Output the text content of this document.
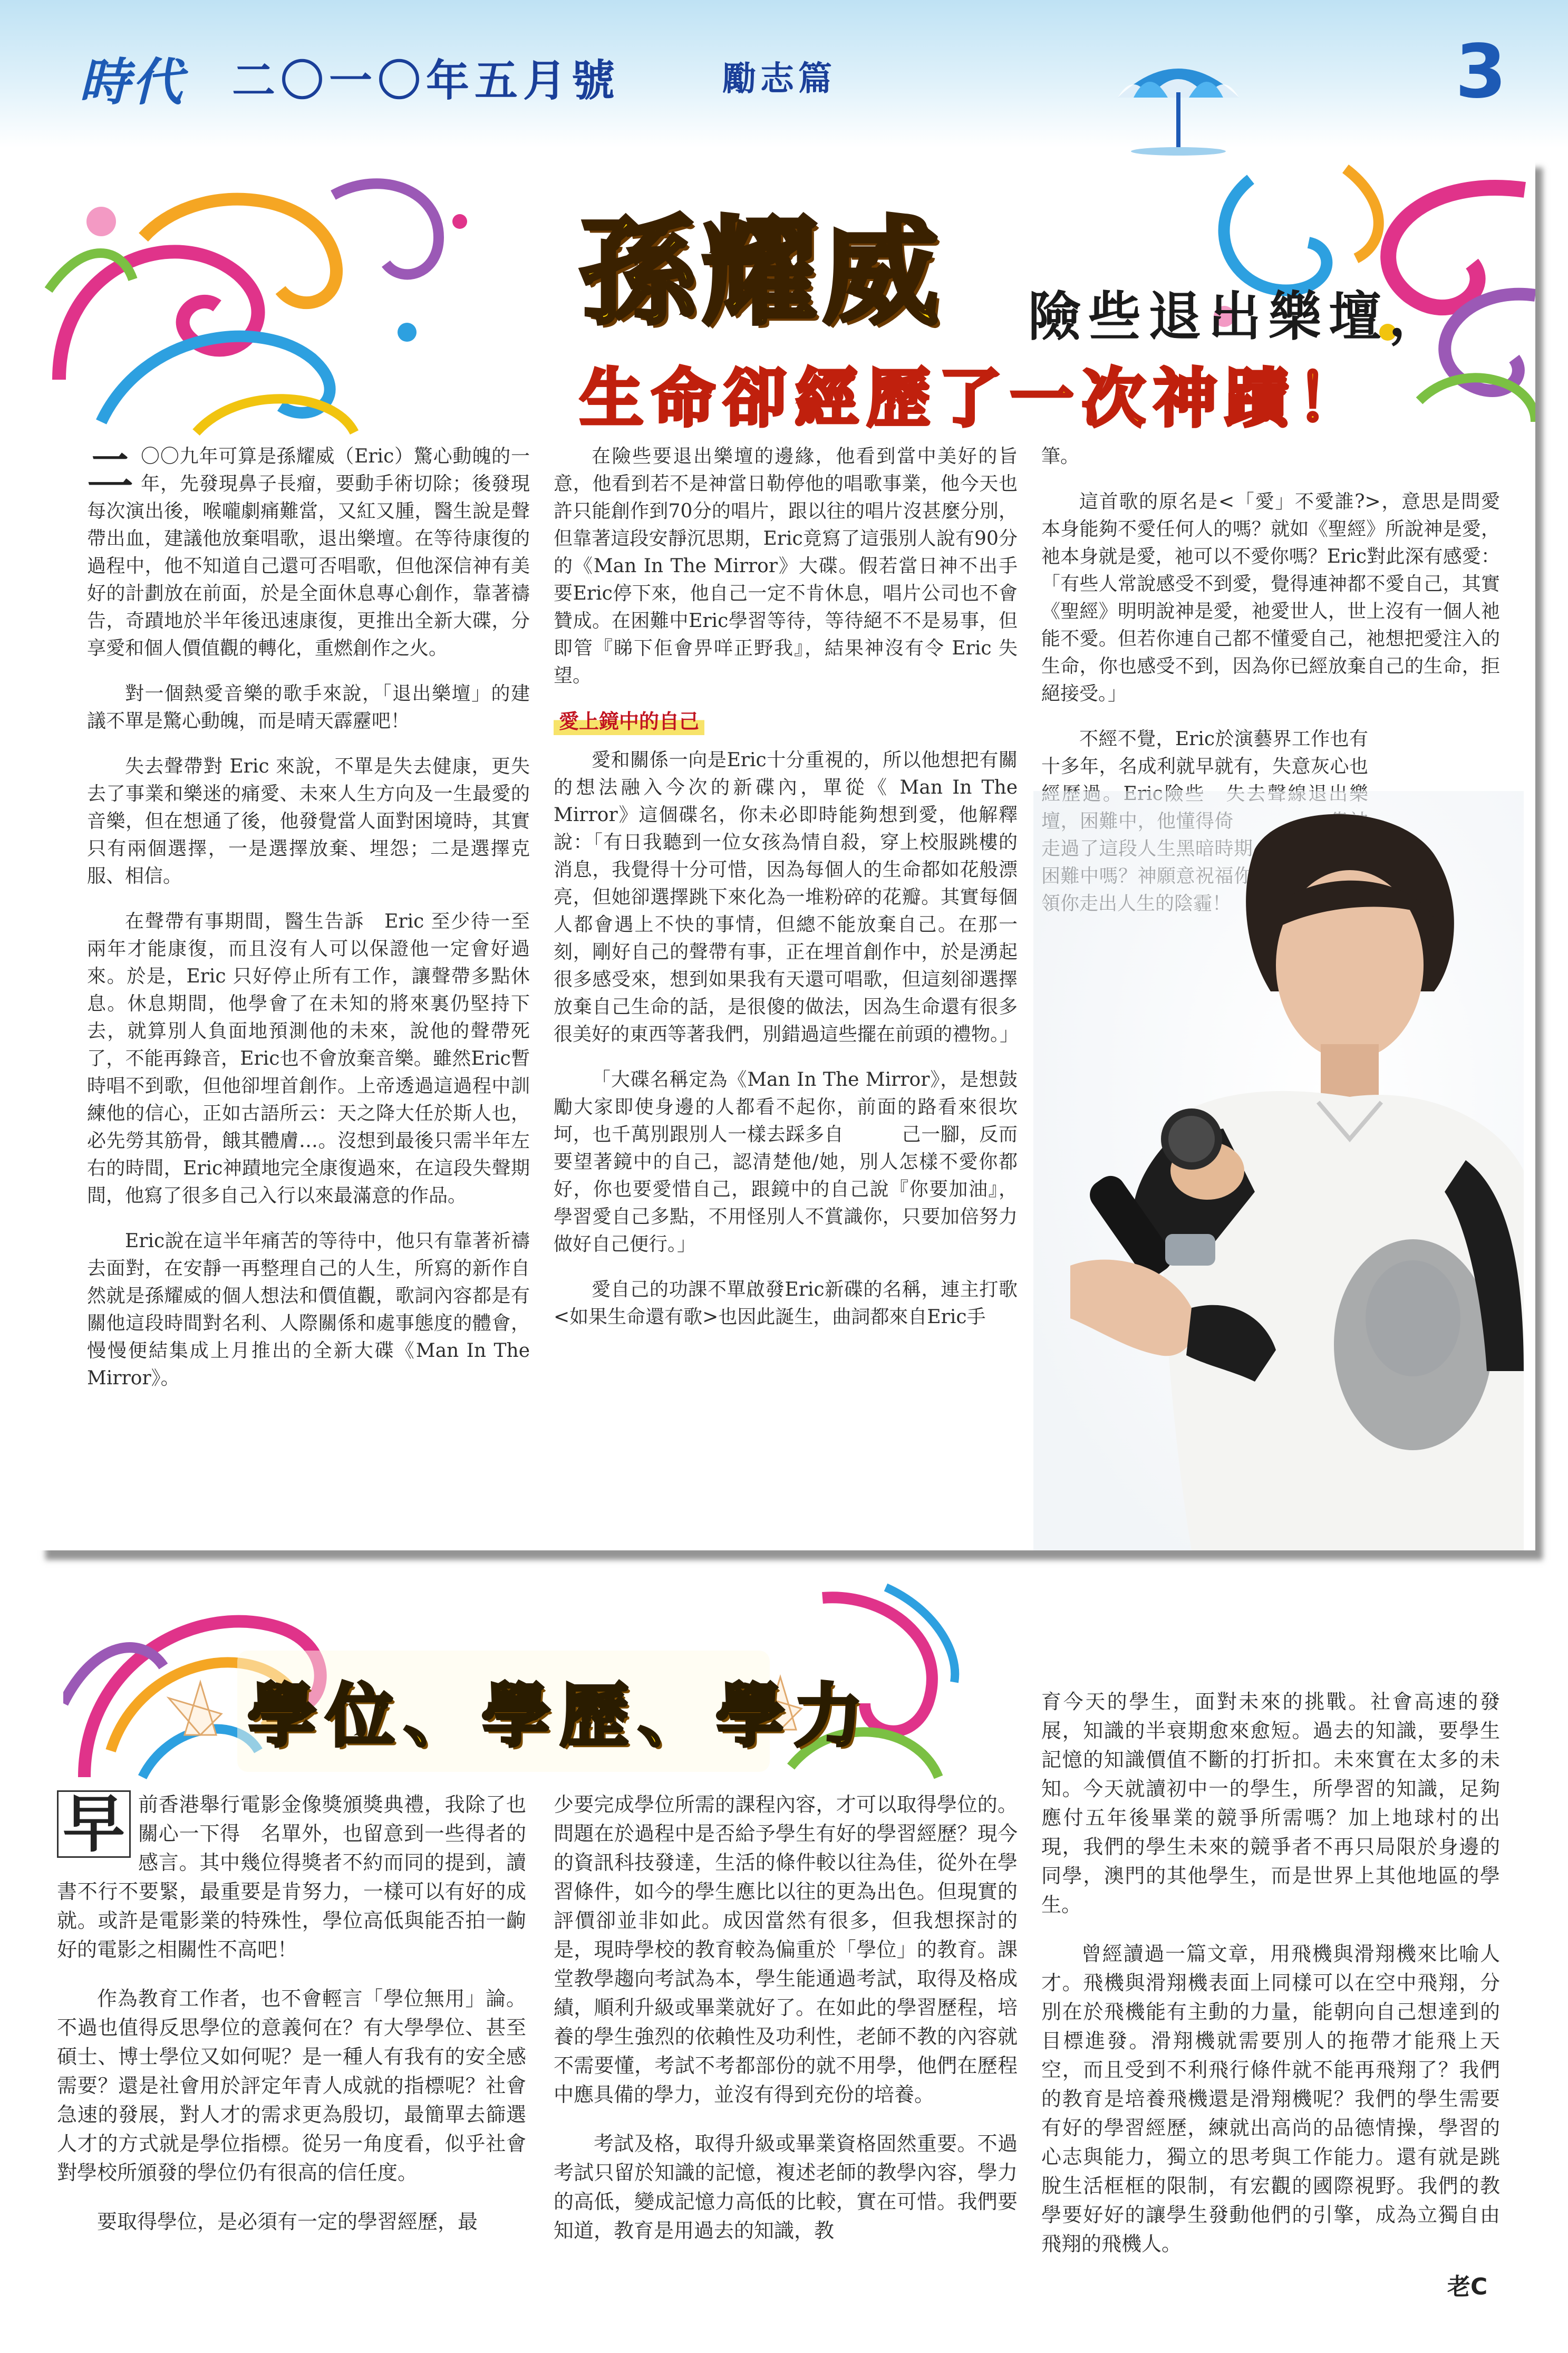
時代 二〇一〇年五月號	勵志篇	3
孫耀威 險些退出樂壇，
生命卻經歷了一次神蹟！

二 〇〇九年可算是孫耀威（Eric）驚心動魄的一年，先發現鼻子長瘤，要動手術切除；後發現每次演出後，喉嚨劇痛難當，又紅又腫，醫生說是聲帶出血，建議他放棄唱歌，退出樂壇。在等待康復的過程中，他不知道自己還可否唱歌，但他深信神有美好的計劃放在前面，於是全面休息專心創作，靠著禱告，奇蹟地於半年後迅速康復，更推出全新大碟，分享愛和個人價值觀的轉化，重燃創作之火。

對一個熱愛音樂的歌手來說，「退出樂壇」的建議不單是驚心動魄，而是晴天霹靂吧！

失去聲帶對 Eric 來說，不單是失去健康，更失去了事業和樂迷的痛愛、未來人生方向及一生最愛的音樂，但在想通了後，他發覺當人面對困境時，其實只有兩個選擇，一是選擇放棄、埋怨；二是選擇克服、相信。

在聲帶有事期間，醫生告訴　Eric 至少待一至兩年才能康復，而且沒有人可以保證他一定會好過來。於是，Eric 只好停止所有工作，讓聲帶多點休息。休息期間，他學會了在未知的將來裏仍堅持下去，就算別人負面地預測他的未來，說他的聲帶死了，不能再錄音，Eric也不會放棄音樂。雖然Eric暫時唱不到歌，但他卻埋首創作。上帝透過這過程中訓練他的信心，正如古語所云：天之降大任於斯人也，必先勞其筋骨，餓其體膚…。沒想到最後只需半年左右的時間，Eric神蹟地完全康復過來，在這段失聲期間，他寫了很多自己入行以來最滿意的作品。

Eric說在這半年痛苦的等待中，他只有靠著祈禱去面對，在安靜一再整理自己的人生，所寫的新作自然就是孫耀威的個人想法和價值觀，歌詞內容都是有關他這段時間對名利、人際關係和處事態度的體會，慢慢便結集成上月推出的全新大碟《Man In The Mirror》。

在險些要退出樂壇的邊緣，他看到當中美好的旨意，他看到若不是神當日勒停他的唱歌事業，他今天也許只能創作到70分的唱片，跟以往的唱片沒甚麼分別，但靠著這段安靜沉思期，Eric竟寫了這張別人說有90分的《Man In The Mirror》大碟。假若當日神不出手要Eric停下來，他自己一定不肯休息，唱片公司也不會贊成。在困難中Eric學習等待，等待絕不不是易事，但即管『睇下佢會畀咩正野我』，結果神沒有令 Eric 失望。

愛上鏡中的自己

愛和關係一向是Eric十分重視的，所以他想把有關的想法融入今次的新碟內，單從《 Man In The Mirror》這個碟名，你未必即時能夠想到愛，他解釋說：「有日我聽到一位女孩為情自殺，穿上校服跳樓的消息，我覺得十分可惜，因為每個人的生命都如花般漂亮，但她卻選擇跳下來化為一堆粉碎的花瓣。其實每個人都會遇上不快的事情，但總不能放棄自己。在那一刻，剛好自己的聲帶有事，正在埋首創作中，於是湧起很多感受來，想到如果我有天還可唱歌，但這刻卻選擇放棄自己生命的話，是很傻的做法，因為生命還有很多很美好的東西等著我們，別錯過這些擺在前頭的禮物。」

「大碟名稱定為《Man In The Mirror》，是想鼓勵大家即使身邊的人都看不起你，前面的路看來很坎坷，也千萬別跟別人一樣去踩多自　　　己一腳，反而要望著鏡中的自己，認清楚他/她，別人怎樣不愛你都好，你也要愛惜自己，跟鏡中的自己說『你要加油』，學習愛自己多點，不用怪別人不賞識你，只要加倍努力做好自己便行。」

愛自己的功課不單啟發Eric新碟的名稱，連主打歌<如果生命還有歌>也因此誕生，曲詞都來自Eric手

筆。

這首歌的原名是<「愛」不愛誰?>，意思是問愛本身能夠不愛任何人的嗎？就如《聖經》所說神是愛，祂本身就是愛，祂可以不愛你嗎？Eric對此深有感愛：「有些人常說感受不到愛，覺得連神都不愛自己，其實《聖經》明明說神是愛，祂愛世人，世上沒有一個人祂能不愛。但若你連自己都不懂愛自己，祂想把愛注入的生命，你也感受不到，因為你已經放棄自己的生命，拒絕接受。」

不經不覺，Eric於演藝界工作也有十多年，名成利就早就有，失意灰心也　　　　　　

學位、學歷、學力

早 前香港舉行電影金像獎頒獎典禮，我除了也關心一下得　名單外，也留意到一些得者的感言。其中幾位得獎者不約而同的提到，讀書不行不要緊，最重要是肯努力，一樣可以有好的成就。或許是電影業的特殊性，學位高低與能否拍一齣好的電影之相關性不高吧！

作為教育工作者，也不會輕言「學位無用」論。不過也值得反思學位的意義何在？有大學學位、甚至碩士、博士學位又如何呢？是一種人有我有的安全感需要？還是社會用於評定年青人成就的指標呢？社會急速的發展，對人才的需求更為殷切，最簡單去篩選人才的方式就是學位指標。從另一角度看，似乎社會對學校所頒發的學位仍有很高的信任度。

要取得學位，是必須有一定的學習經歷，最

少要完成學位所需的課程內容，才可以取得學位的。問題在於過程中是否給予學生有好的學習經歷？現今的資訊科技發達，生活的條件較以往為佳，從外在學習條件，如今的學生應比以往的更為出色。但現實的評價卻並非如此。成因當然有很多，但我想探討的是，現時學校的教育較為偏重於「學位」的教育。課堂教學趨向考試為本，學生能通過考試，取得及格成績，順利升級或畢業就好了。在如此的學習歷程，培養的學生強烈的依賴性及功利性，老師不教的內容就不需要懂，考試不考都部份的就不用學，他們在歷程中應具備的學力，並沒有得到充份的培養。

考試及格，取得升級或畢業資格固然重要。不過考試只留於知識的記憶，複述老師的教學內容，學力的高低，變成記憶力高低的比較，實在可惜。我們要知道，教育是用過去的知識，教

育今天的學生，面對未來的挑戰。社會高速的發展，知識的半衰期愈來愈短。過去的知識，要學生記憶的知識價值不斷的打折扣。未來實在太多的未知。今天就讀初中一的學生，所學習的知識，足夠應付五年後畢業的競爭所需嗎？加上地球村的出現，我們的學生未來的競爭者不再只局限於身邊的同學，澳門的其他學生，而是世界上其他地區的學生。

曾經讀過一篇文章，用飛機與滑翔機來比喻人才。飛機與滑翔機表面上同樣可以在空中飛翔，分別在於飛機能有主動的力量，能朝向自己想達到的目標進發。滑翔機就需要別人的拖帶才能飛上天空，而且受到不利飛行條件就不能再飛翔了？我們的教育是培養飛機還是滑翔機呢？我們的學生需要有好的學習經歷，練就出高尚的品德情操，學習的心志與能力，獨立的思考與工作能力。還有就是跳脫生活框框的限制，有宏觀的國際視野。我們的教學要好好的讓學生發動他們的引擎，成為立獨自由飛翔的飛機人。

老C
